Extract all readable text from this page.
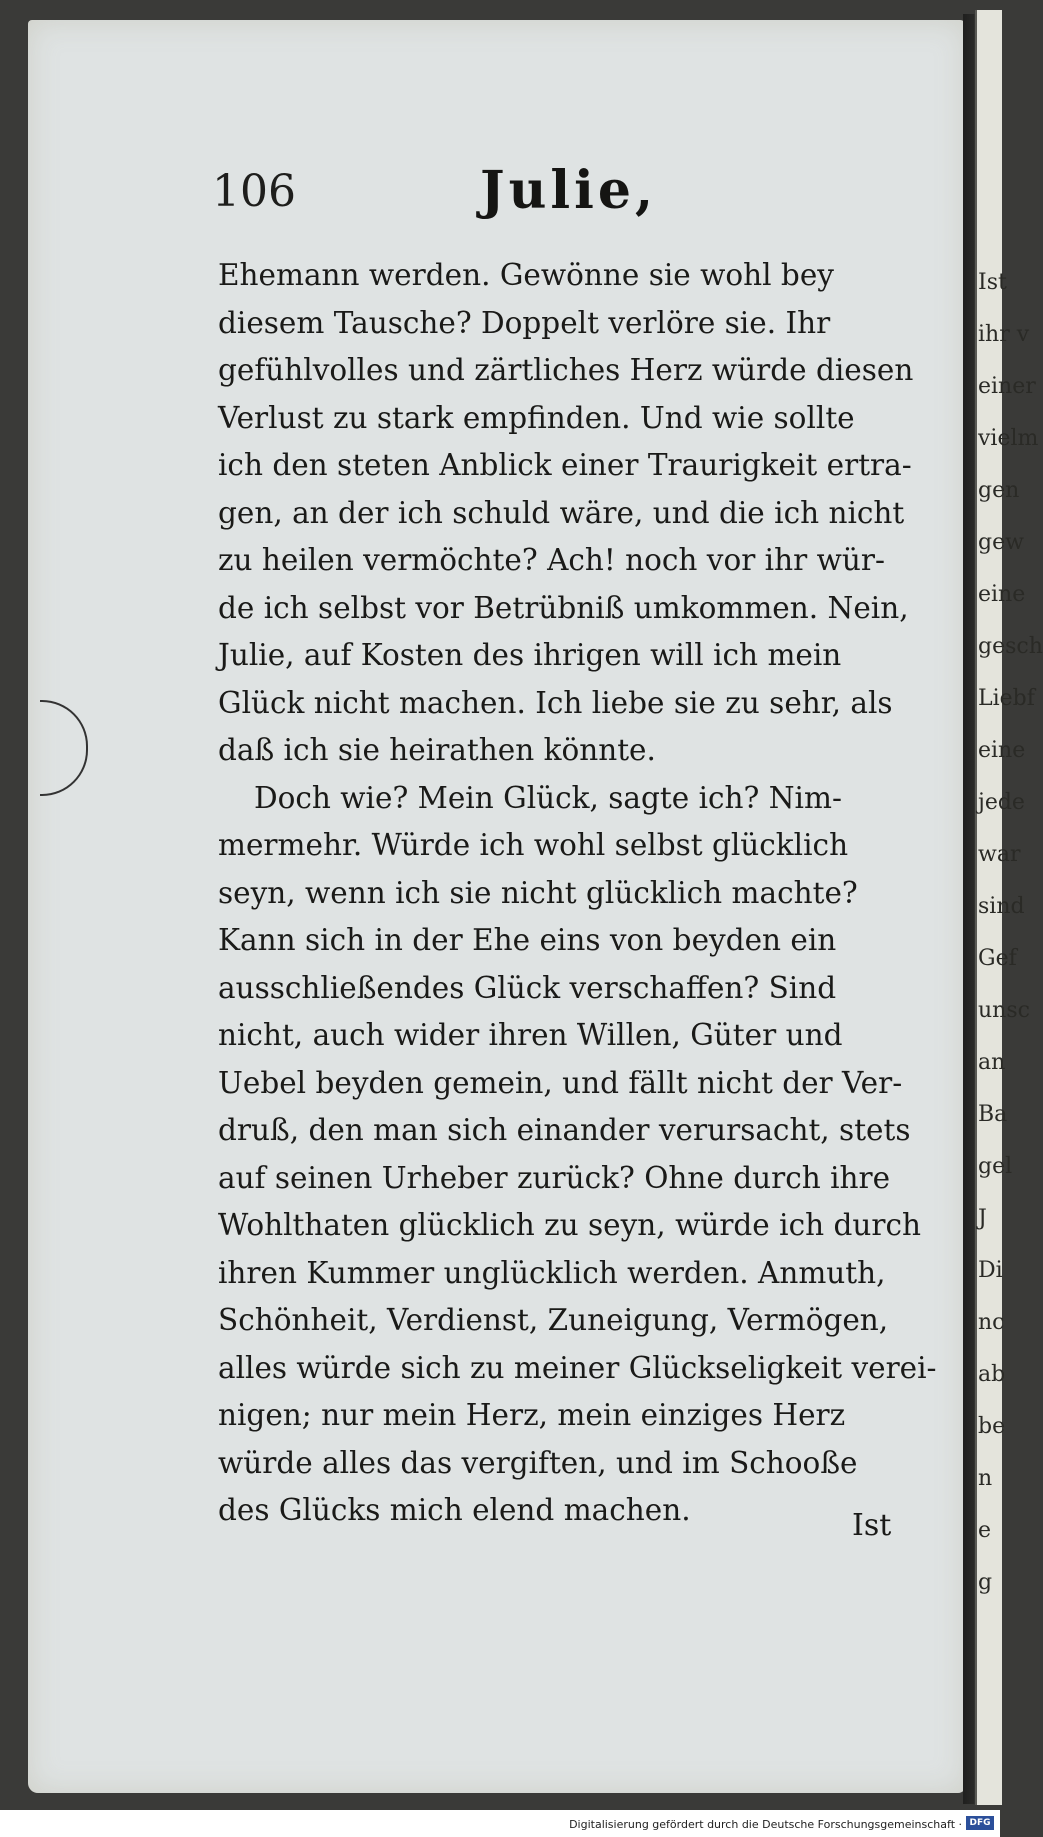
Ist
ihr v
einer
vielm
gen
gew
eine
gesch
Liebf
eine
jede
war
sind
Gef
unsc
an
Ba
gel
J
Di
nc
ab
be
n
e
g
106	Julie,
Ehemann werden. Gewönne sie wohl bey
diesem Tausche? Doppelt verlöre sie. Ihr
gefühlvolles und zärtliches Herz würde diesen
Verlust zu stark empfinden. Und wie sollte
ich den steten Anblick einer Traurigkeit ertra-
gen, an der ich schuld wäre, und die ich nicht
zu heilen vermöchte? Ach! noch vor ihr wür-
de ich selbst vor Betrübniß umkommen. Nein,
Julie, auf Kosten des ihrigen will ich mein
Glück nicht machen. Ich liebe sie zu sehr, als
daß ich sie heirathen könnte.
Doch wie? Mein Glück, sagte ich? Nim-
mermehr. Würde ich wohl selbst glücklich
seyn, wenn ich sie nicht glücklich machte?
Kann sich in der Ehe eins von beyden ein
ausschließendes Glück verschaffen? Sind
nicht, auch wider ihren Willen, Güter und
Uebel beyden gemein, und fällt nicht der Ver-
druß, den man sich einander verursacht, stets
auf seinen Urheber zurück? Ohne durch ihre
Wohlthaten glücklich zu seyn, würde ich durch
ihren Kummer unglücklich werden. Anmuth,
Schönheit, Verdienst, Zuneigung, Vermögen,
alles würde sich zu meiner Glückseligkeit verei-
nigen; nur mein Herz, mein einziges Herz
würde alles das vergiften, und im Schooße
des Glücks mich elend machen.	Ist
Digitalisierung gefördert durch die Deutsche Forschungsgemeinschaft · DFG
